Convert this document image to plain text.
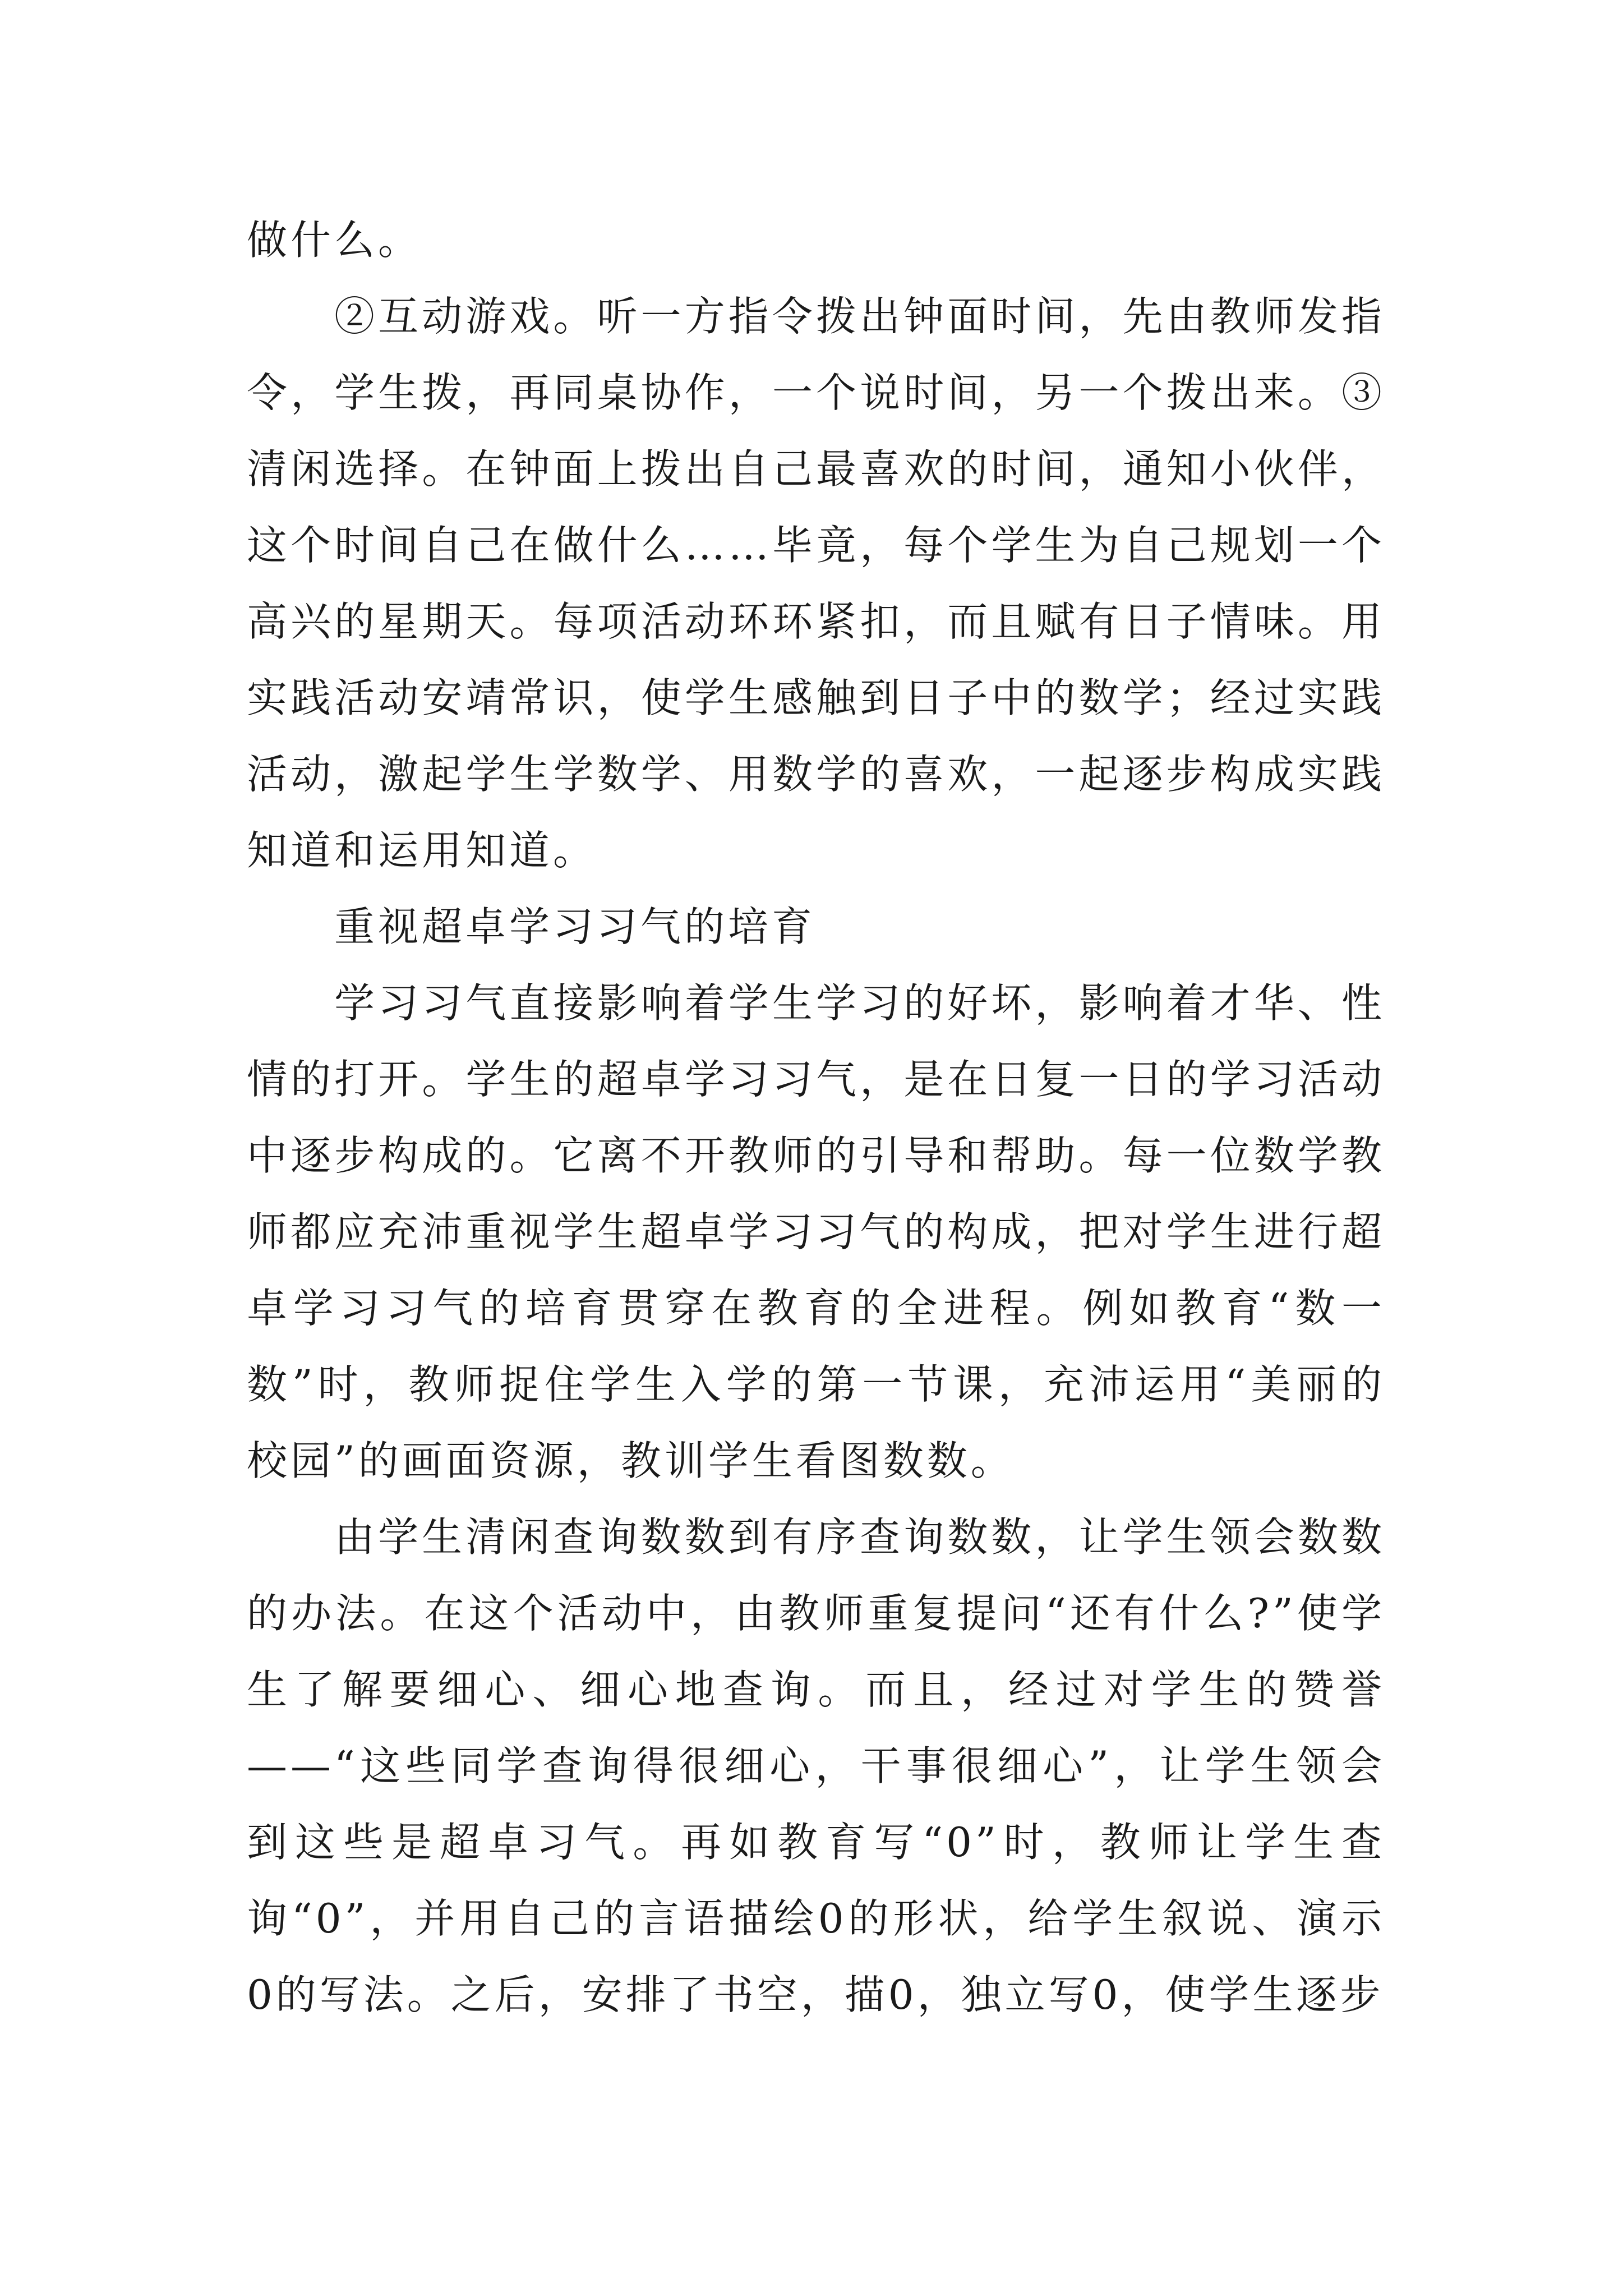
做什么。

②互动游戏。听一方指令拨出钟面时间，先由教师发指令，学生拨，再同桌协作，一个说时间，另一个拨出来。③清闲选择。在钟面上拨出自己最喜欢的时间，通知小伙伴，这个时间自己在做什么……毕竟，每个学生为自己规划一个高兴的星期天。每项活动环环紧扣，而且赋有日子情味。用实践活动安靖常识，使学生感触到日子中的数学；经过实践活动，激起学生学数学、用数学的喜欢，一起逐步构成实践知道和运用知道。

重视超卓学习习气的培育

学习习气直接影响着学生学习的好坏，影响着才华、性情的打开。学生的超卓学习习气，是在日复一日的学习活动中逐步构成的。它离不开教师的引导和帮助。每一位数学教师都应充沛重视学生超卓学习习气的构成，把对学生进行超卓学习习气的培育贯穿在教育的全进程。例如教育“数一数”时，教师捉住学生入学的第一节课，充沛运用“美丽的校园”的画面资源，教训学生看图数数。

由学生清闲查询数数到有序查询数数，让学生领会数数的办法。在这个活动中，由教师重复提问“还有什么?”使学生了解要细心、细心地查询。而且，经过对学生的赞誉——“这些同学查询得很细心，干事很细心”，让学生领会到这些是超卓习气。再如教育写“0”时，教师让学生查询“0”，并用自己的言语描绘0的形状，给学生叙说、演示0的写法。之后，安排了书空，描0，独立写0，使学生逐步
